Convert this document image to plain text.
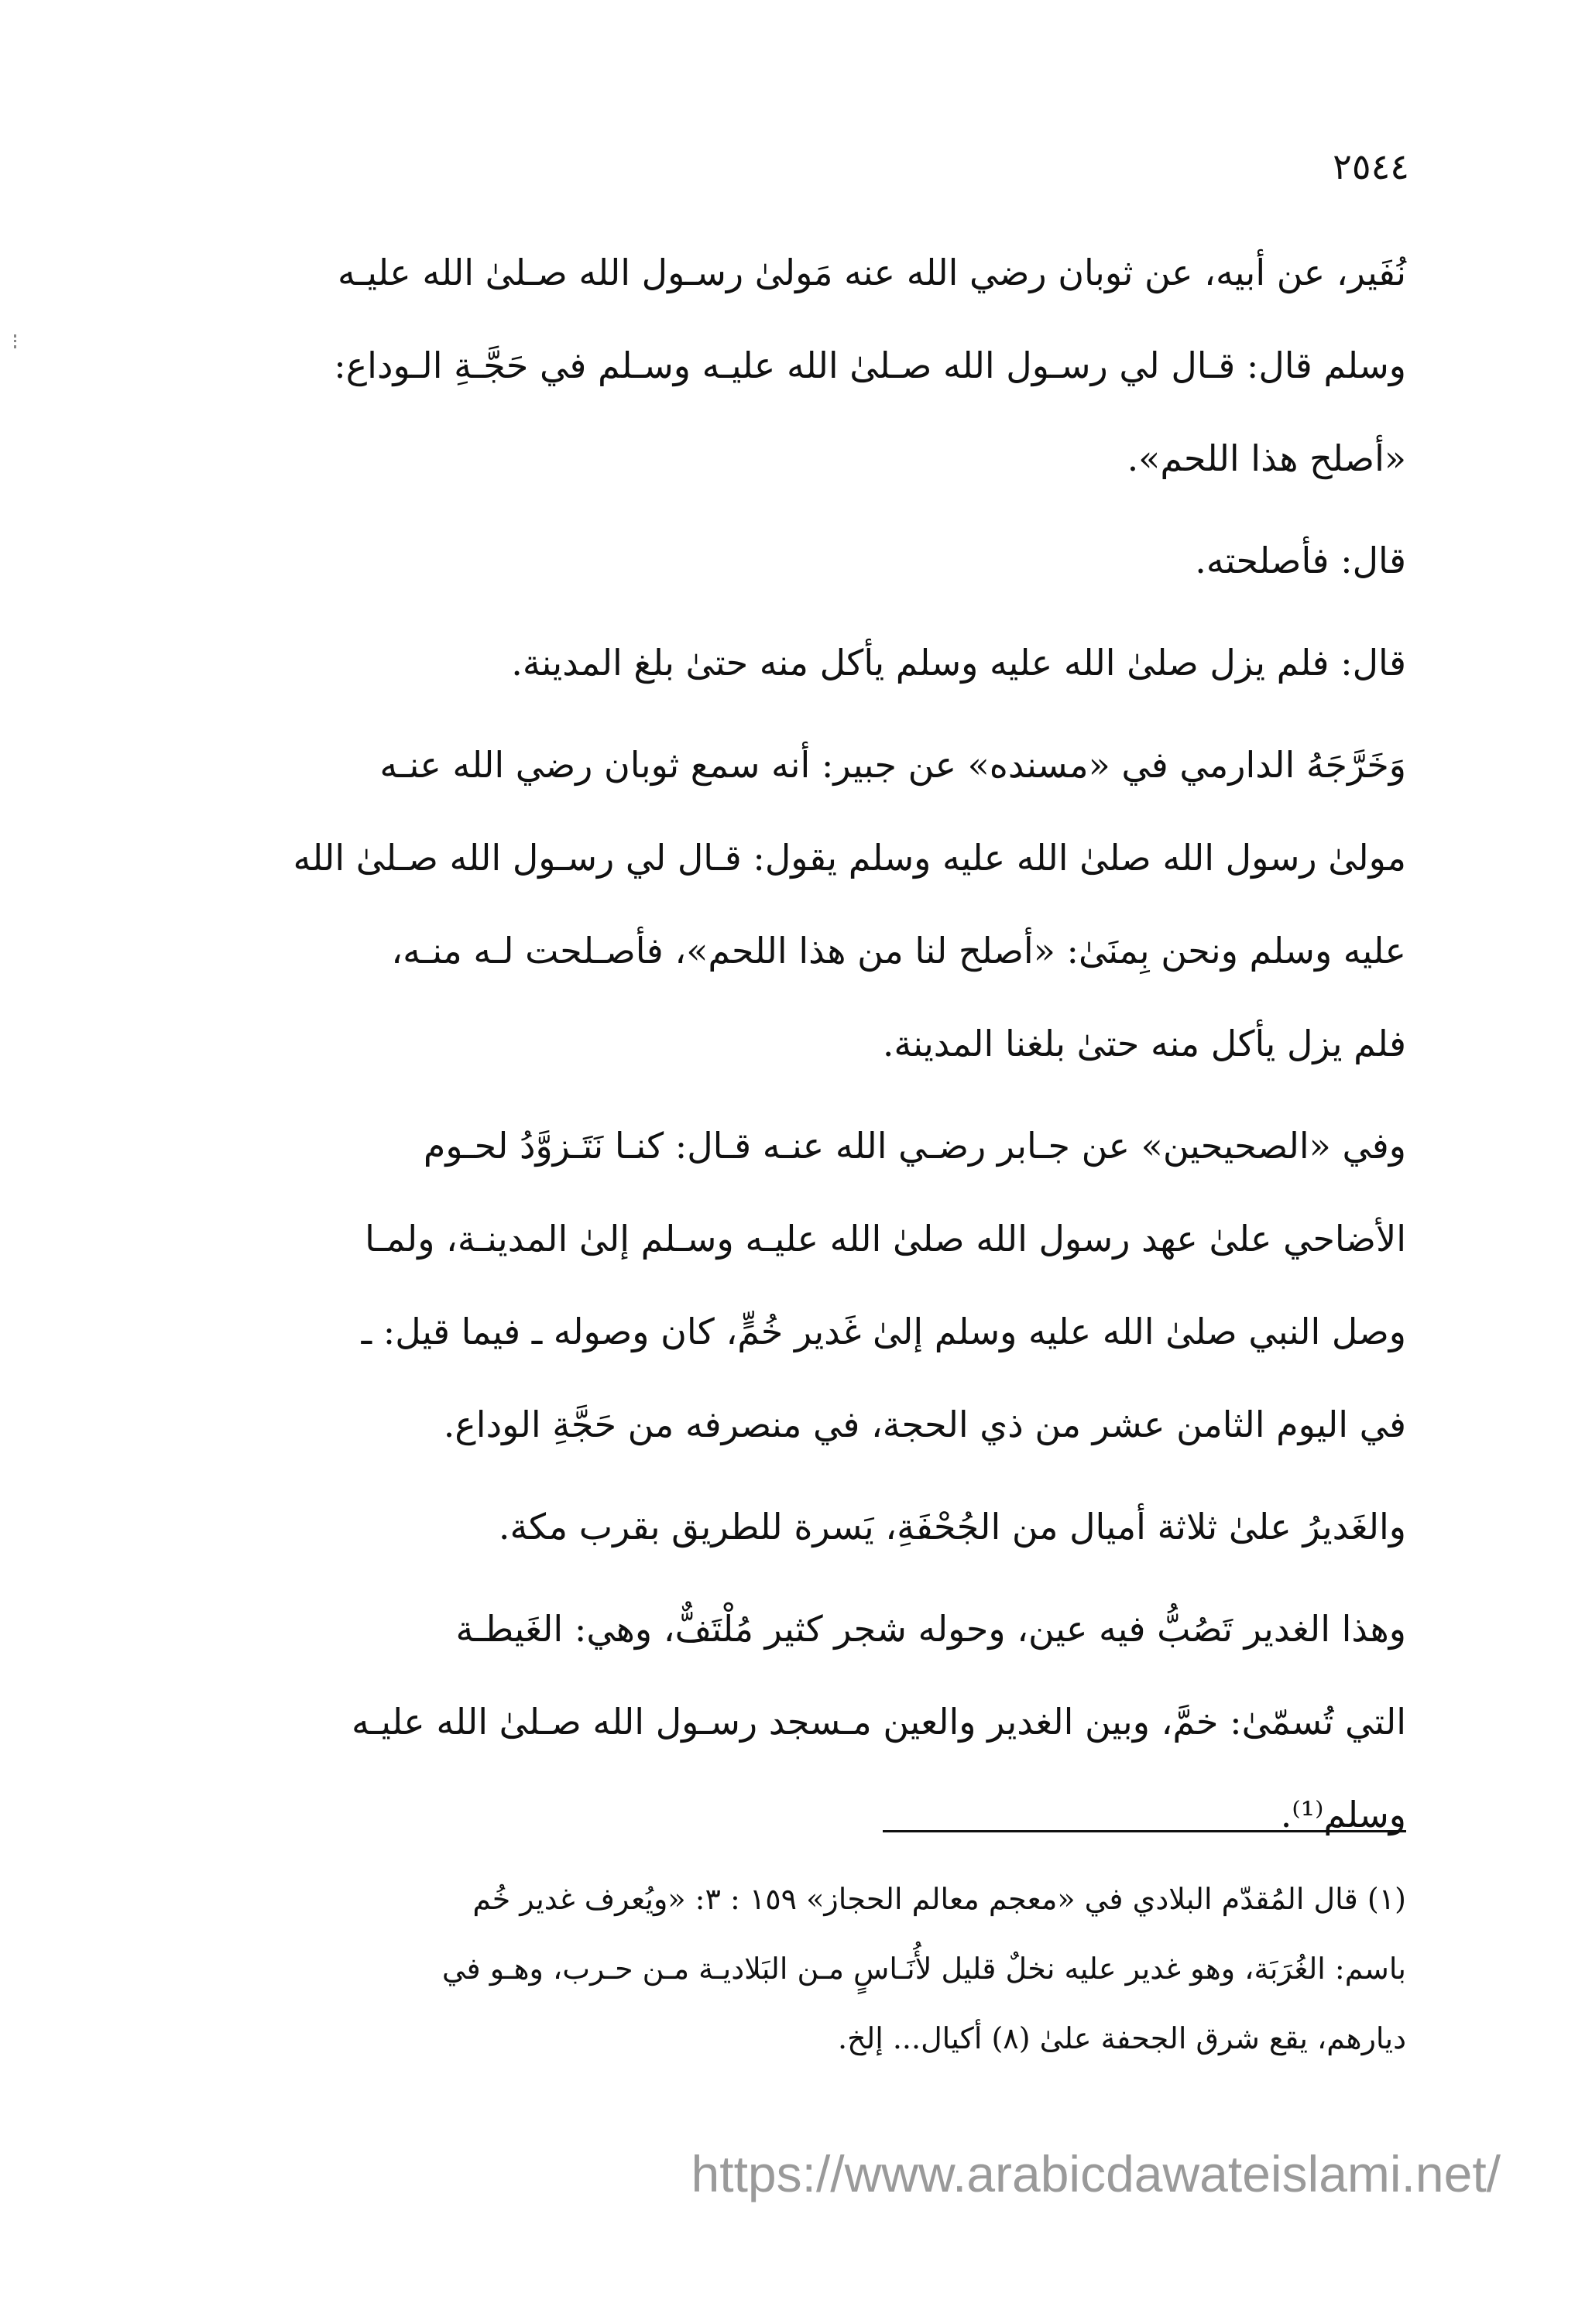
٢٥٤٤

نُفَير، عن أبيه، عن ثوبان رضي الله عنه مَولىٰ رسـول الله صـلىٰ الله عليـه
وسلم قال: قـال لي رسـول الله صـلىٰ الله عليـه وسـلم في حَجَّـةِ الـوداع:
«أصلح هذا اللحم».

قال: فأصلحته.

قال: فلم يزل صلىٰ الله عليه وسلم يأكل منه حتىٰ بلغ المدينة.

وَخَرَّجَهُ الدارمي في «مسنده» عن جبير: أنه سمع ثوبان رضي الله عنـه
مولىٰ رسول الله صلىٰ الله عليه وسلم يقول: قـال لي رسـول الله صـلىٰ الله
عليه وسلم ونحن بِمنَىٰ: «أصلح لنا من هذا اللحم»، فأصـلحت لـه منـه،
فلم يزل يأكل منه حتىٰ بلغنا المدينة.

وفي «الصحيحين» عن جـابر رضـي الله عنـه قـال: كنـا نَتَـزوَّدُ لحـوم
الأضاحي علىٰ عهد رسول الله صلىٰ الله عليـه وسـلم إلىٰ المدينـة، ولمـا
وصل النبي صلىٰ الله عليه وسلم إلىٰ غَدير خُمٍّ، كان وصوله ـ فيما قيل: ـ
في اليوم الثامن عشر من ذي الحجة، في منصرفه من حَجَّةِ الوداع.

والغَديرُ علىٰ ثلاثة أميال من الجُحْفَةِ، يَسرة للطريق بقرب مكة.

وهذا الغدير تَصُبُّ فيه عين، وحوله شجر كثير مُلْتَفٌّ، وهي: الغَيطـة
التي تُسمّىٰ: خمَّ، وبين الغدير والعين مـسجد رسـول الله صـلىٰ الله عليـه
وسلم⁽¹⁾.

(١) قال المُقدّم البلادي في «معجم معالم الحجاز» ١٥٩ : ٣: «ويُعرف غدير خُم
باسم: الغُرَبَة، وهو غدير عليه نخلٌ قليل لأُنَـاسٍ مـن البَلاديـة مـن حـرب، وهـو في
ديارهم، يقع شرق الجحفة علىٰ (٨) أكيال... إلخ.
https://www.arabicdawateislami.net/
